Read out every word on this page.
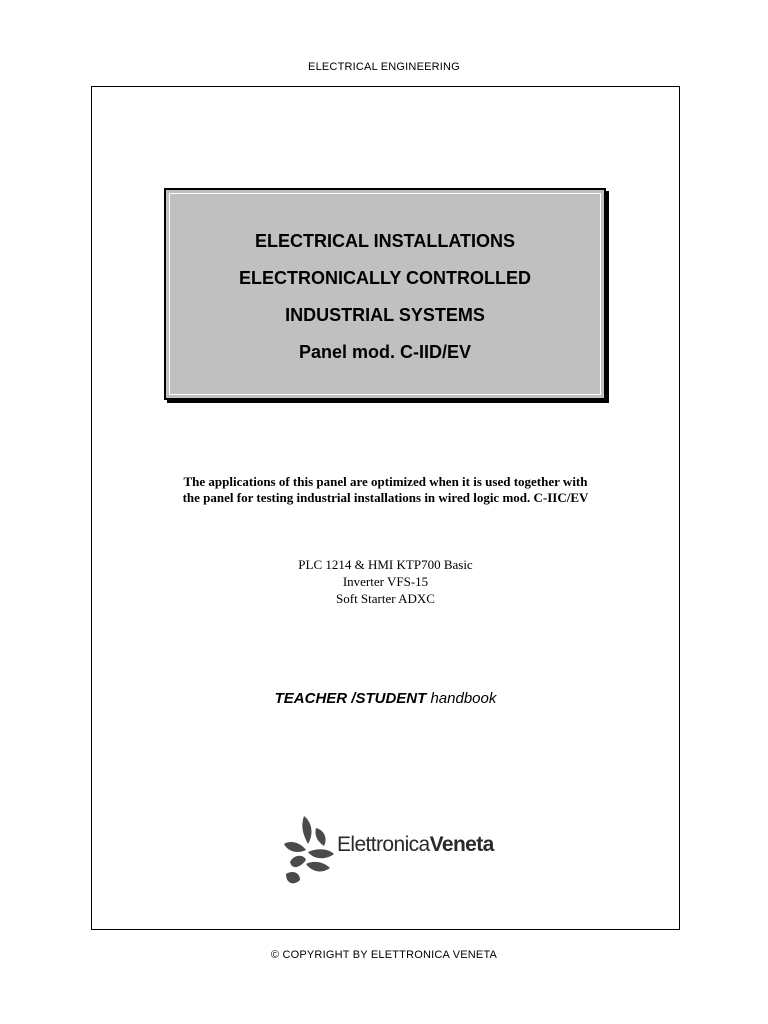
ELECTRICAL ENGINEERING
ELECTRICAL INSTALLATIONS
ELECTRONICALLY CONTROLLED
INDUSTRIAL SYSTEMS
Panel mod. C-IID/EV
The applications of this panel are optimized when it is used together with
the panel for testing industrial installations in wired logic mod. C-IIC/EV
PLC 1214 & HMI KTP700 Basic
Inverter VFS-15
Soft Starter ADXC
TEACHER /STUDENT handbook
ElettronicaVeneta
© COPYRIGHT BY ELETTRONICA VENETA
